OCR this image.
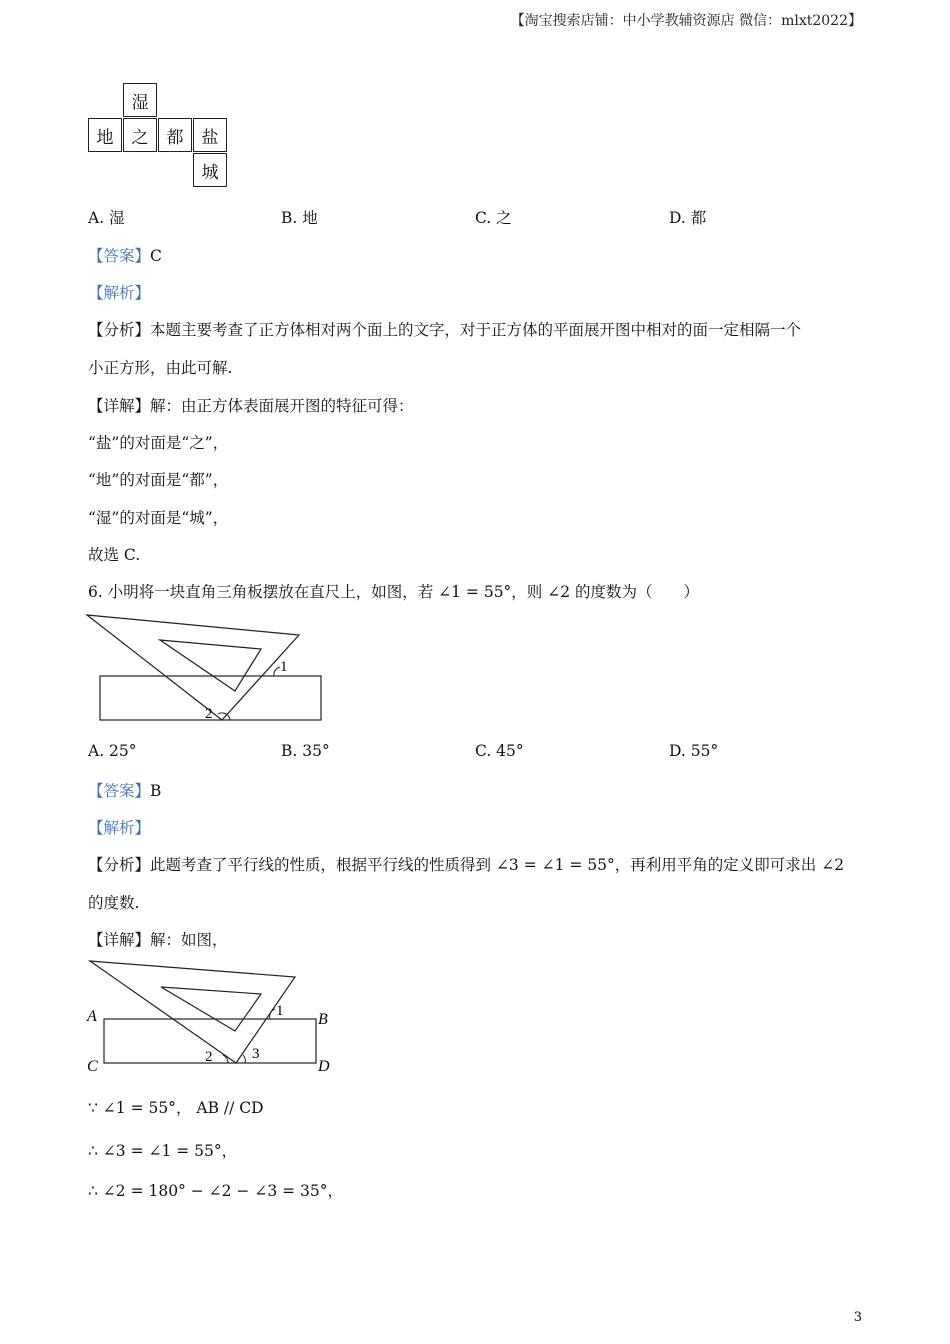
【淘宝搜索店铺：中小学教辅资源店 微信：mlxt2022】
湿
地	之	都	盐
城
A. 湿	B. 地	C. 之	D. 都
【答案】C
【解析】
【分析】本题主要考查了正方体相对两个面上的文字，对于正方体的平面展开图中相对的面一定相隔一个
小正方形，由此可解.
【详解】解：由正方体表面展开图的特征可得：
“盐”的对面是“之”，
“地”的对面是“都”，
“湿”的对面是“城”，
故选 C.
6. 小明将一块直角三角板摆放在直尺上，如图，若 ∠1 = 55°，则 ∠2 的度数为（　　）
1
2
A. 25°	B. 35°	C. 45°	D. 55°
【答案】B
【解析】
【分析】此题考查了平行线的性质，根据平行线的性质得到 ∠3 = ∠1 = 55°，再利用平角的定义即可求出 ∠2
的度数.
【详解】解：如图，
A	B
C	D
1
2	3
∵ ∠1 = 55°， AB // CD
∴ ∠3 = ∠1 = 55°，
∴ ∠2 = 180° − ∠2 − ∠3 = 35°，
3
